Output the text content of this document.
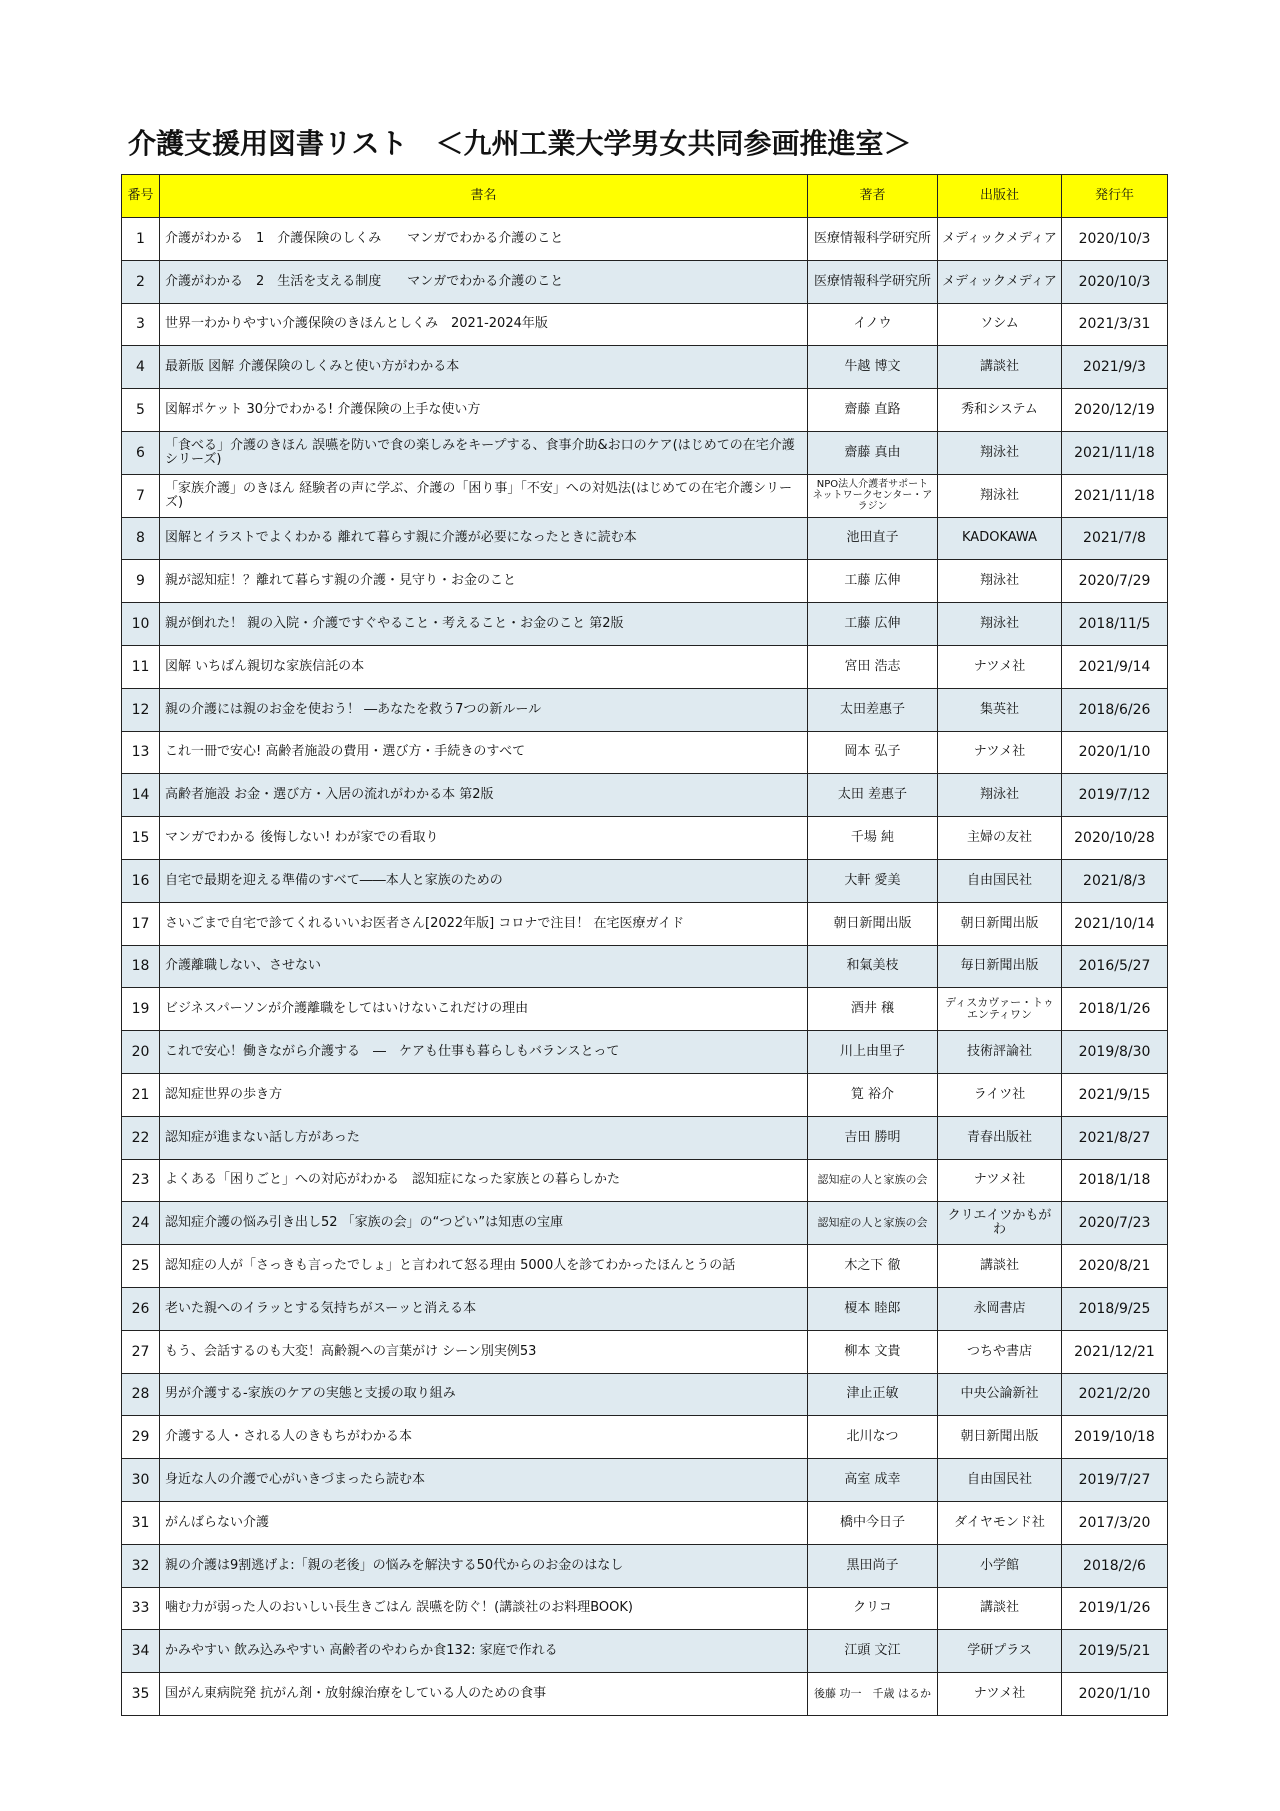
介護支援用図書リスト　＜九州工業大学男女共同参画推進室＞
番号	書名	著者	出版社	発行年
1	介護がわかる　1　介護保険のしくみ　　マンガでわかる介護のこと	医療情報科学研究所	メディックメディア	2020/10/3
2	介護がわかる　2　生活を支える制度　　マンガでわかる介護のこと	医療情報科学研究所	メディックメディア	2020/10/3
3	世界一わかりやすい介護保険のきほんとしくみ　2021-2024年版	イノウ	ソシム	2021/3/31
4	最新版 図解 介護保険のしくみと使い方がわかる本	牛越 博文	講談社	2021/9/3
5	図解ポケット 30分でわかる! 介護保険の上手な使い方	齋藤 直路	秀和システム	2020/12/19
6	「食べる」介護のきほん 誤嚥を防いで食の楽しみをキープする、食事介助&お口のケア(はじめての在宅介護シリーズ)	齋藤 真由	翔泳社	2021/11/18
7	「家族介護」のきほん 経験者の声に学ぶ、介護の「困り事」「不安」への対処法(はじめての在宅介護シリーズ)	NPO法人介護者サポートネットワークセンター・アラジン	翔泳社	2021/11/18
8	図解とイラストでよくわかる 離れて暮らす親に介護が必要になったときに読む本	池田直子	KADOKAWA	2021/7/8
9	親が認知症！？離れて暮らす親の介護・見守り・お金のこと	工藤 広伸	翔泳社	2020/7/29
10	親が倒れた！ 親の入院・介護ですぐやること・考えること・お金のこと 第2版	工藤 広伸	翔泳社	2018/11/5
11	図解 いちばん親切な家族信託の本	宮田 浩志	ナツメ社	2021/9/14
12	親の介護には親のお金を使おう！ ―あなたを救う7つの新ルール	太田差惠子	集英社	2018/6/26
13	これ一冊で安心! 高齢者施設の費用・選び方・手続きのすべて	岡本 弘子	ナツメ社	2020/1/10
14	高齢者施設 お金・選び方・入居の流れがわかる本 第2版	太田 差惠子	翔泳社	2019/7/12
15	マンガでわかる 後悔しない! わが家での看取り	千場 純	主婦の友社	2020/10/28
16	自宅で最期を迎える準備のすべて――本人と家族のための	大軒 愛美	自由国民社	2021/8/3
17	さいごまで自宅で診てくれるいいお医者さん[2022年版] コロナで注目！ 在宅医療ガイド	朝日新聞出版	朝日新聞出版	2021/10/14
18	介護離職しない、させない	和氣美枝	毎日新聞出版	2016/5/27
19	ビジネスパーソンが介護離職をしてはいけないこれだけの理由	酒井 穣	ディスカヴァー・トゥエンティワン	2018/1/26
20	これで安心！働きながら介護する　―　ケアも仕事も暮らしもバランスとって	川上由里子	技術評論社	2019/8/30
21	認知症世界の歩き方	筧 裕介	ライツ社	2021/9/15
22	認知症が進まない話し方があった	吉田 勝明	青春出版社	2021/8/27
23	よくある「困りごと」への対応がわかる　認知症になった家族との暮らしかた	認知症の人と家族の会	ナツメ社	2018/1/18
24	認知症介護の悩み引き出し52 「家族の会」の“つどい”は知恵の宝庫	認知症の人と家族の会	クリエイツかもがわ	2020/7/23
25	認知症の人が「さっきも言ったでしょ」と言われて怒る理由 5000人を診てわかったほんとうの話	木之下 徹	講談社	2020/8/21
26	老いた親へのイラッとする気持ちがスーッと消える本	榎本 睦郎	永岡書店	2018/9/25
27	もう、会話するのも大変！高齢親への言葉がけ シーン別実例53	柳本 文貴	つちや書店	2021/12/21
28	男が介護する-家族のケアの実態と支援の取り組み	津止正敏	中央公論新社	2021/2/20
29	介護する人・される人のきもちがわかる本	北川なつ	朝日新聞出版	2019/10/18
30	身近な人の介護で心がいきづまったら読む本	高室 成幸	自由国民社	2019/7/27
31	がんばらない介護	橋中今日子	ダイヤモンド社	2017/3/20
32	親の介護は9割逃げよ:「親の老後」の悩みを解決する50代からのお金のはなし	黒田尚子	小学館	2018/2/6
33	噛む力が弱った人のおいしい長生きごはん 誤嚥を防ぐ！(講談社のお料理BOOK)	クリコ	講談社	2019/1/26
34	かみやすい 飲み込みやすい 高齢者のやわらか食132: 家庭で作れる	江頭 文江	学研プラス	2019/5/21
35	国がん東病院発 抗がん剤・放射線治療をしている人のための食事	後藤 功一　千歳 はるか	ナツメ社	2020/1/10
